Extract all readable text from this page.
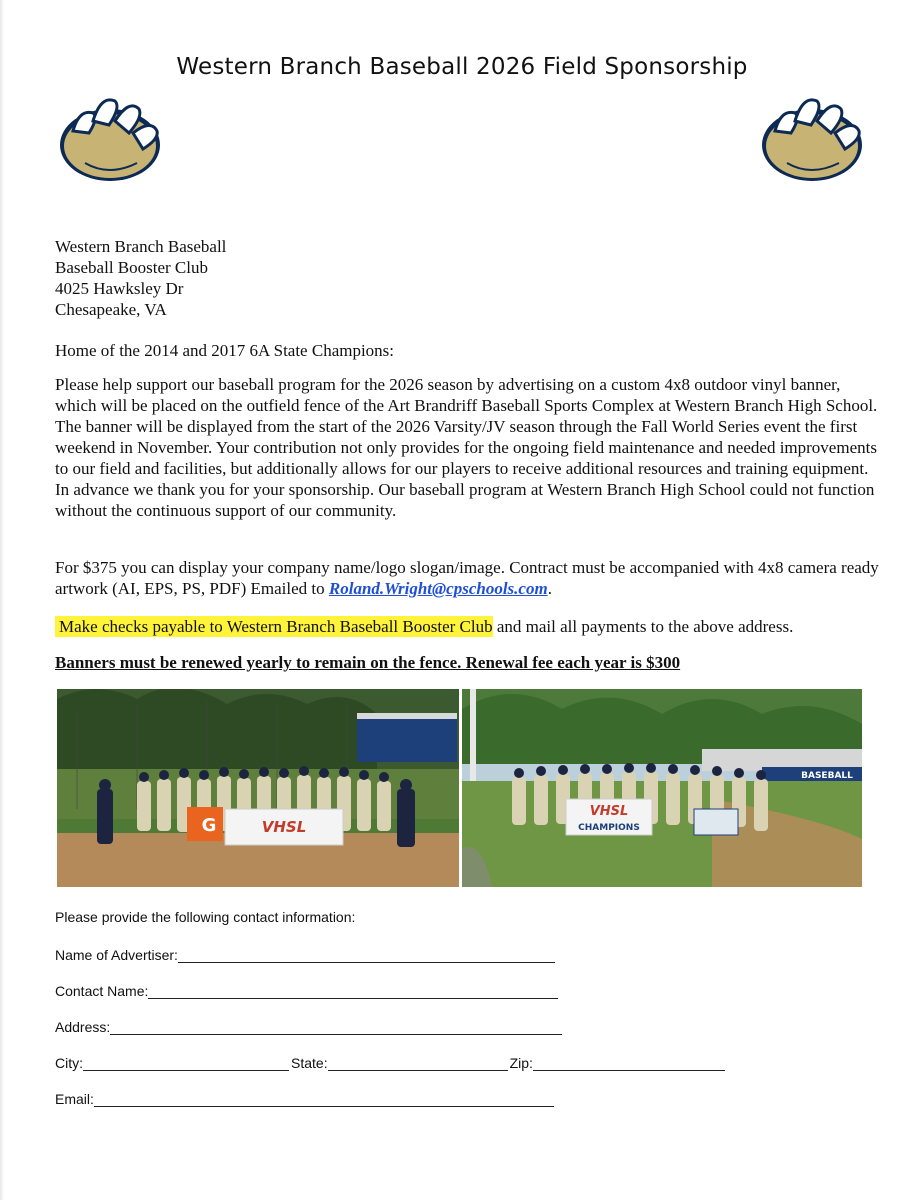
Western Branch Baseball 2026 Field Sponsorship
Western Branch Baseball
Baseball Booster Club
4025 Hawksley Dr
Chesapeake, VA
Home of the 2014 and 2017 6A State Champions:
Please help support our baseball program for the 2026 season by advertising on a custom 4x8 outdoor vinyl banner, which will be placed on the outfield fence of the Art Brandriff Baseball Sports Complex at Western Branch High School. The banner will be displayed from the start of the 2026 Varsity/JV season through the Fall World Series event the first weekend in November. Your contribution not only provides for the ongoing field maintenance and needed improvements to our field and facilities, but additionally allows for our players to receive additional resources and training equipment. In advance we thank you for your sponsorship. Our baseball program at Western Branch High School could not function without the continuous support of our community.
For $375 you can display your company name/logo slogan/image. Contract must be accompanied with 4x8 camera ready artwork (AI, EPS, PS, PDF) Emailed to Roland.Wright@cpschools.com.
Make checks payable to Western Branch Baseball Booster Club and mail all payments to the above address.
Banners must be renewed yearly to remain on the fence. Renewal fee each year is $300
G	VHSL
BASEBALL
VHSL
CHAMPIONS
Please provide the following contact information:
Name of Advertiser:
Contact Name:
Address:
City:	State:	Zip:
Email:
